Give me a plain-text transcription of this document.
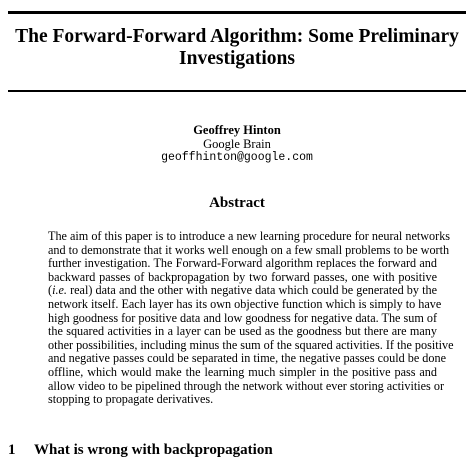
The Forward-Forward Algorithm: Some Preliminary
Investigations
Geoffrey Hinton
Google Brain
geoffhinton@google.com
Abstract
The aim of this paper is to introduce a new learning procedure for neural networks
and to demonstrate that it works well enough on a few small problems to be worth
further investigation. The Forward-Forward algorithm replaces the forward and
backward passes of backpropagation by two forward passes, one with positive
(i.e. real) data and the other with negative data which could be generated by the
network itself. Each layer has its own objective function which is simply to have
high goodness for positive data and low goodness for negative data. The sum of
the squared activities in a layer can be used as the goodness but there are many
other possibilities, including minus the sum of the squared activities. If the positive
and negative passes could be separated in time, the negative passes could be done
offline, which would make the learning much simpler in the positive pass and
allow video to be pipelined through the network without ever storing activities or
stopping to propagate derivatives.
1 What is wrong with backpropagation
